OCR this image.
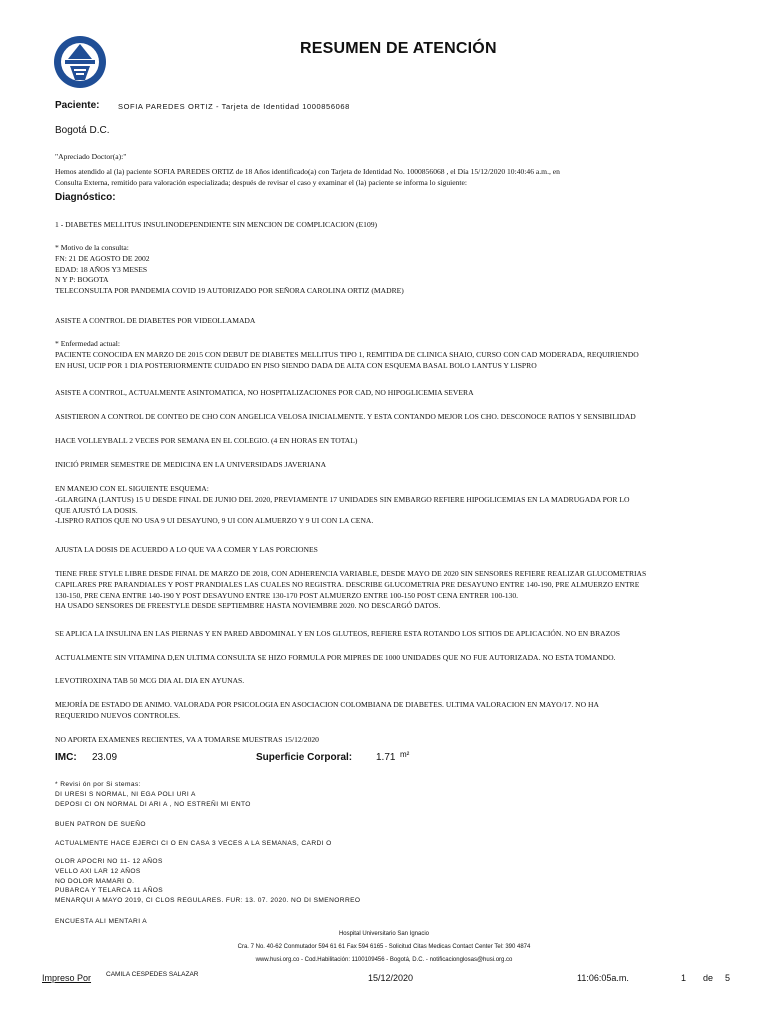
RESUMEN DE ATENCIÓN
Paciente: SOFIA PAREDES ORTIZ - Tarjeta de Identidad 1000856068
Bogotá D.C.
"Apreciado Doctor(a):"
Hemos atendido al (la) paciente SOFIA PAREDES ORTIZ de 18 Años identificado(a) con Tarjeta de Identidad No. 1000856068 , el Día 15/12/2020 10:40:46 a.m., en
Consulta Externa, remitido para valoración especializada; después de revisar el caso y examinar el (la) paciente se informa lo siguiente:
Diagnóstico:
1 - DIABETES MELLITUS INSULINODEPENDIENTE SIN MENCION DE COMPLICACION (E109)
* Motivo de la consulta:
FN: 21 DE AGOSTO DE 2002
EDAD: 18 AÑOS Y3 MESES
N Y P: BOGOTA
TELECONSULTA POR PANDEMIA COVID 19 AUTORIZADO POR SEÑORA CAROLINA ORTIZ (MADRE)
ASISTE A CONTROL DE DIABETES POR VIDEOLLAMADA
* Enfermedad actual:
PACIENTE CONOCIDA EN MARZO DE 2015 CON DEBUT DE DIABETES MELLITUS TIPO 1, REMITIDA DE CLINICA SHAIO, CURSO CON CAD MODERADA, REQUIRIENDO
EN HUSI, UCIP POR 1 DIA POSTERIORMENTE CUIDADO EN PISO SIENDO DADA DE ALTA CON ESQUEMA BASAL BOLO LANTUS Y LISPRO
ASISTE A CONTROL, ACTUALMENTE ASINTOMATICA, NO HOSPITALIZACIONES POR CAD, NO HIPOGLICEMIA SEVERA
ASISTIERON A CONTROL DE CONTEO DE CHO CON ANGELICA VELOSA INICIALMENTE. Y ESTA CONTANDO MEJOR LOS CHO. DESCONOCE RATIOS Y SENSIBILIDAD
HACE VOLLEYBALL 2 VECES POR SEMANA EN EL COLEGIO. (4 EN HORAS EN TOTAL)
INICIÓ PRIMER SEMESTRE DE MEDICINA EN LA UNIVERSIDADS JAVERIANA
EN MANEJO CON EL SIGUIENTE ESQUEMA:
-GLARGINA (LANTUS) 15 U DESDE FINAL DE JUNIO DEL 2020, PREVIAMENTE 17 UNIDADES SIN EMBARGO REFIERE HIPOGLICEMIAS EN LA MADRUGADA POR LO
QUE AJUSTÓ LA DOSIS.
-LISPRO RATIOS QUE NO USA 9 UI DESAYUNO, 9 UI CON ALMUERZO Y 9 UI CON LA CENA.
AJUSTA LA DOSIS DE ACUERDO A LO QUE VA A COMER Y LAS PORCIONES
TIENE FREE STYLE LIBRE DESDE FINAL DE MARZO DE 2018, CON ADHERENCIA VARIABLE, DESDE MAYO DE 2020 SIN SENSORES REFIERE REALIZAR GLUCOMETRIAS
CAPILARES PRE PARANDIALES Y POST PRANDIALES LAS CUALES NO REGISTRA. DESCRIBE GLUCOMETRIA PRE DESAYUNO ENTRE 140-190, PRE ALMUERZO ENTRE
130-150, PRE CENA ENTRE 140-190 Y POST DESAYUNO ENTRE 130-170 POST ALMUERZO ENTRE 100-150 POST CENA ENTRER 100-130.
HA USADO SENSORES DE FREESTYLE DESDE SEPTIEMBRE HASTA NOVIEMBRE 2020. NO DESCARGÓ DATOS.
SE APLICA LA INSULINA EN LAS PIERNAS Y EN PARED ABDOMINAL Y EN LOS GLUTEOS, REFIERE ESTA ROTANDO LOS SITIOS DE APLICACIÓN. NO EN BRAZOS
ACTUALMENTE SIN VITAMINA D,EN ULTIMA CONSULTA SE HIZO FORMULA POR MIPRES DE 1000 UNIDADES QUE NO FUE AUTORIZADA. NO ESTA TOMANDO.
LEVOTIROXINA TAB 50 MCG DIA AL DIA EN AYUNAS.
MEJORÍA DE ESTADO DE ANIMO. VALORADA POR PSICOLOGIA EN ASOCIACION COLOMBIANA DE DIABETES. ULTIMA VALORACION EN MAYO/17. NO HA
REQUERIDO NUEVOS CONTROLES.
NO APORTA EXAMENES RECIENTES, VA A TOMARSE MUESTRAS 15/12/2020
IMC: 23.09	Superficie Corporal: 1.71 m²
* Revisi ón por Si stemas:
DI URESI S NORMAL, NI EGA POLI URI A
DEPOSI CI ON NORMAL DI ARI A , NO ESTREÑI MI ENTO
BUEN PATRON DE SUEÑO
ACTUALMENTE HACE EJERCI CI O EN CASA 3 VECES A LA SEMANAS, CARDI O
OLOR APOCRI NO 11- 12 AÑOS
VELLO AXI LAR 12 AÑOS
NO DOLOR MAMARI O.
PUBARCA Y TELARCA 11 AÑOS
MENARQUI A MAYO 2019, CI CLOS REGULARES. FUR: 13. 07. 2020. NO DI SMENORREO
ENCUESTA ALI MENTARI A
Hospital Universitario San Ignacio
Cra. 7 No. 40-62 Conmutador 594 61 61 Fax 594 6165 - Solicitud Citas Medicas Contact Center Tel: 390 4874
www.husi.org.co - Cod.Habilitación: 1100109456 - Bogotá, D.C. - notificacionglosas@husi.org.co
Impreso Por CAMILA CESPEDES SALAZAR	15/12/2020	11:06:05a.m.	1 de 5
